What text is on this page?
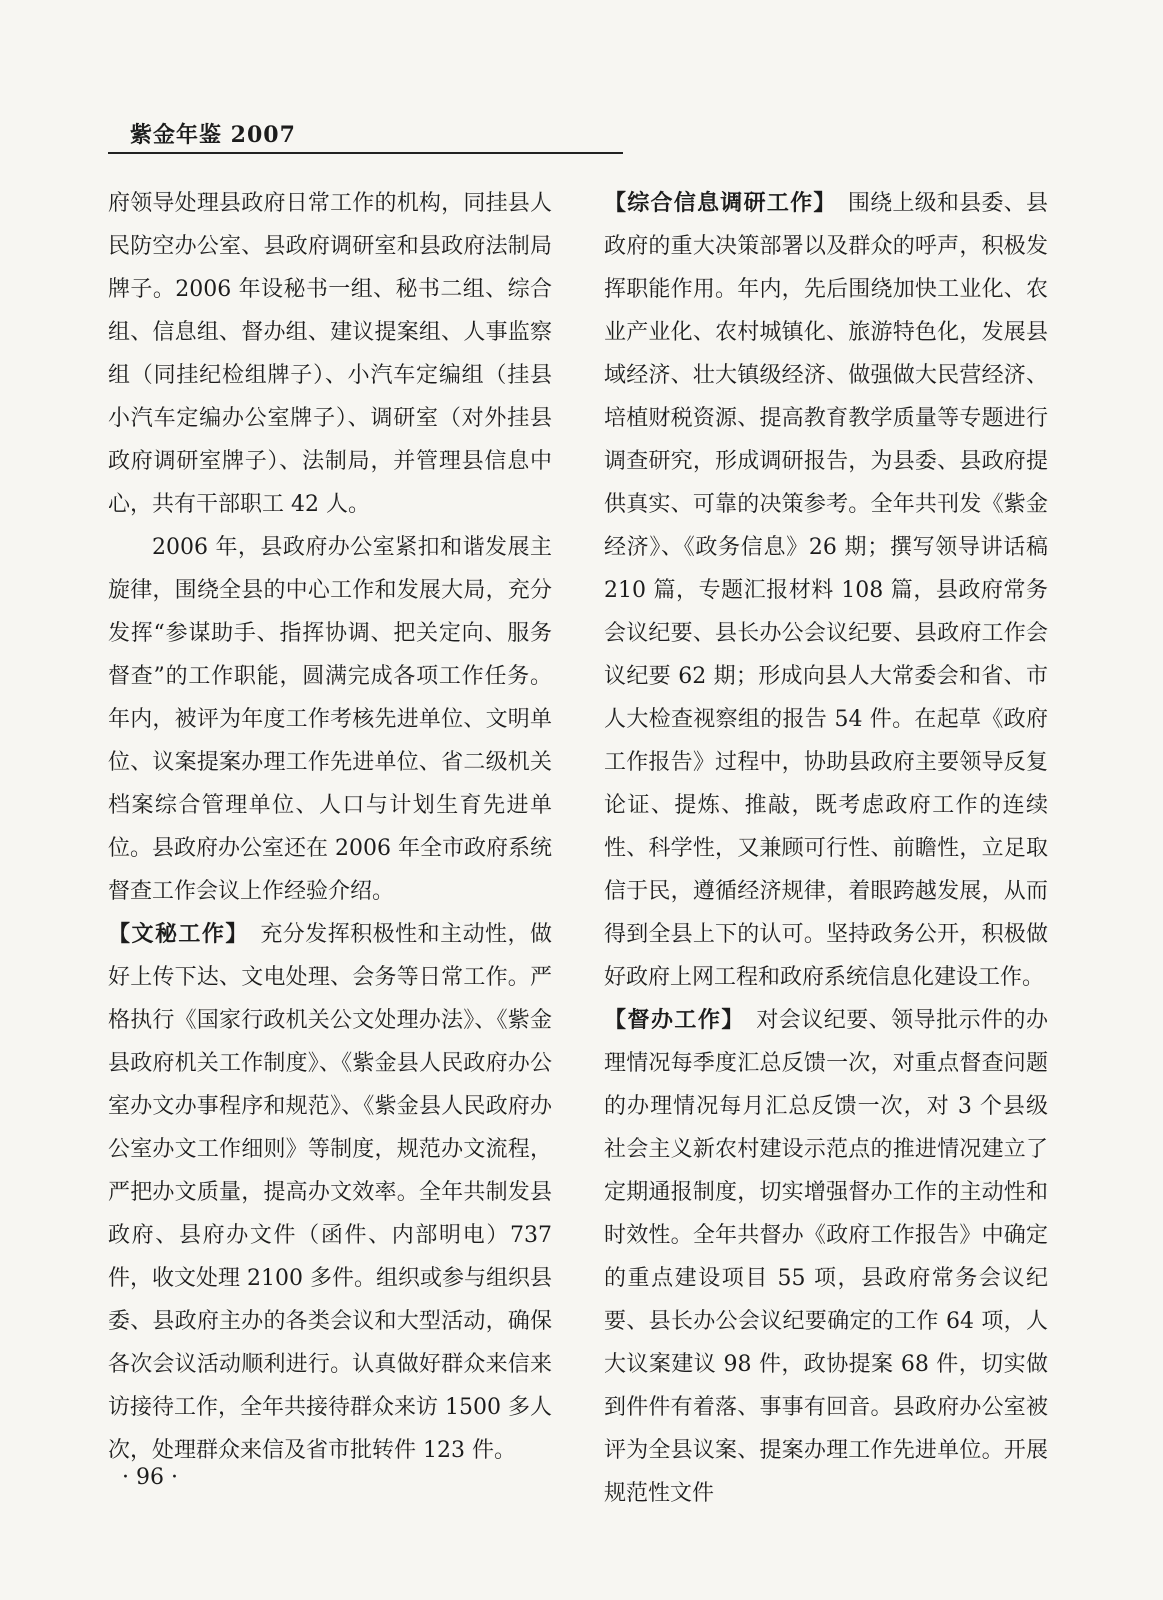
紫金年鉴 2007

府领导处理县政府日常工作的机构，同挂县人民防空办公室、县政府调研室和县政府法制局牌子。2006 年设秘书一组、秘书二组、综合组、信息组、督办组、建议提案组、人事监察组（同挂纪检组牌子）、小汽车定编组（挂县小汽车定编办公室牌子）、调研室（对外挂县政府调研室牌子）、法制局，并管理县信息中心，共有干部职工 42 人。

2006 年，县政府办公室紧扣和谐发展主旋律，围绕全县的中心工作和发展大局，充分发挥“参谋助手、指挥协调、把关定向、服务督查”的工作职能，圆满完成各项工作任务。年内，被评为年度工作考核先进单位、文明单位、议案提案办理工作先进单位、省二级机关档案综合管理单位、人口与计划生育先进单位。县政府办公室还在 2006 年全市政府系统督查工作会议上作经验介绍。

【文秘工作】　充分发挥积极性和主动性，做好上传下达、文电处理、会务等日常工作。严格执行《国家行政机关公文处理办法》、《紫金县政府机关工作制度》、《紫金县人民政府办公室办文办事程序和规范》、《紫金县人民政府办公室办文工作细则》等制度，规范办文流程，严把办文质量，提高办文效率。全年共制发县政府、县府办文件（函件、内部明电）737 件，收文处理 2100 多件。组织或参与组织县委、县政府主办的各类会议和大型活动，确保各次会议活动顺利进行。认真做好群众来信来访接待工作，全年共接待群众来访 1500 多人次，处理群众来信及省市批转件 123 件。

【综合信息调研工作】　围绕上级和县委、县政府的重大决策部署以及群众的呼声，积极发挥职能作用。年内，先后围绕加快工业化、农业产业化、农村城镇化、旅游特色化，发展县域经济、壮大镇级经济、做强做大民营经济、培植财税资源、提高教育教学质量等专题进行调查研究，形成调研报告，为县委、县政府提供真实、可靠的决策参考。全年共刊发《紫金经济》、《政务信息》26 期；撰写领导讲话稿 210 篇，专题汇报材料 108 篇，县政府常务会议纪要、县长办公会议纪要、县政府工作会议纪要 62 期；形成向县人大常委会和省、市人大检查视察组的报告 54 件。在起草《政府工作报告》过程中，协助县政府主要领导反复论证、提炼、推敲，既考虑政府工作的连续性、科学性，又兼顾可行性、前瞻性，立足取信于民，遵循经济规律，着眼跨越发展，从而得到全县上下的认可。坚持政务公开，积极做好政府上网工程和政府系统信息化建设工作。

【督办工作】　对会议纪要、领导批示件的办理情况每季度汇总反馈一次，对重点督查问题的办理情况每月汇总反馈一次，对 3 个县级社会主义新农村建设示范点的推进情况建立了定期通报制度，切实增强督办工作的主动性和时效性。全年共督办《政府工作报告》中确定的重点建设项目 55 项，县政府常务会议纪要、县长办公会议纪要确定的工作 64 项，人大议案建议 98 件，政协提案 68 件，切实做到件件有着落、事事有回音。县政府办公室被评为全县议案、提案办理工作先进单位。开展规范性文件

· 96 ·
